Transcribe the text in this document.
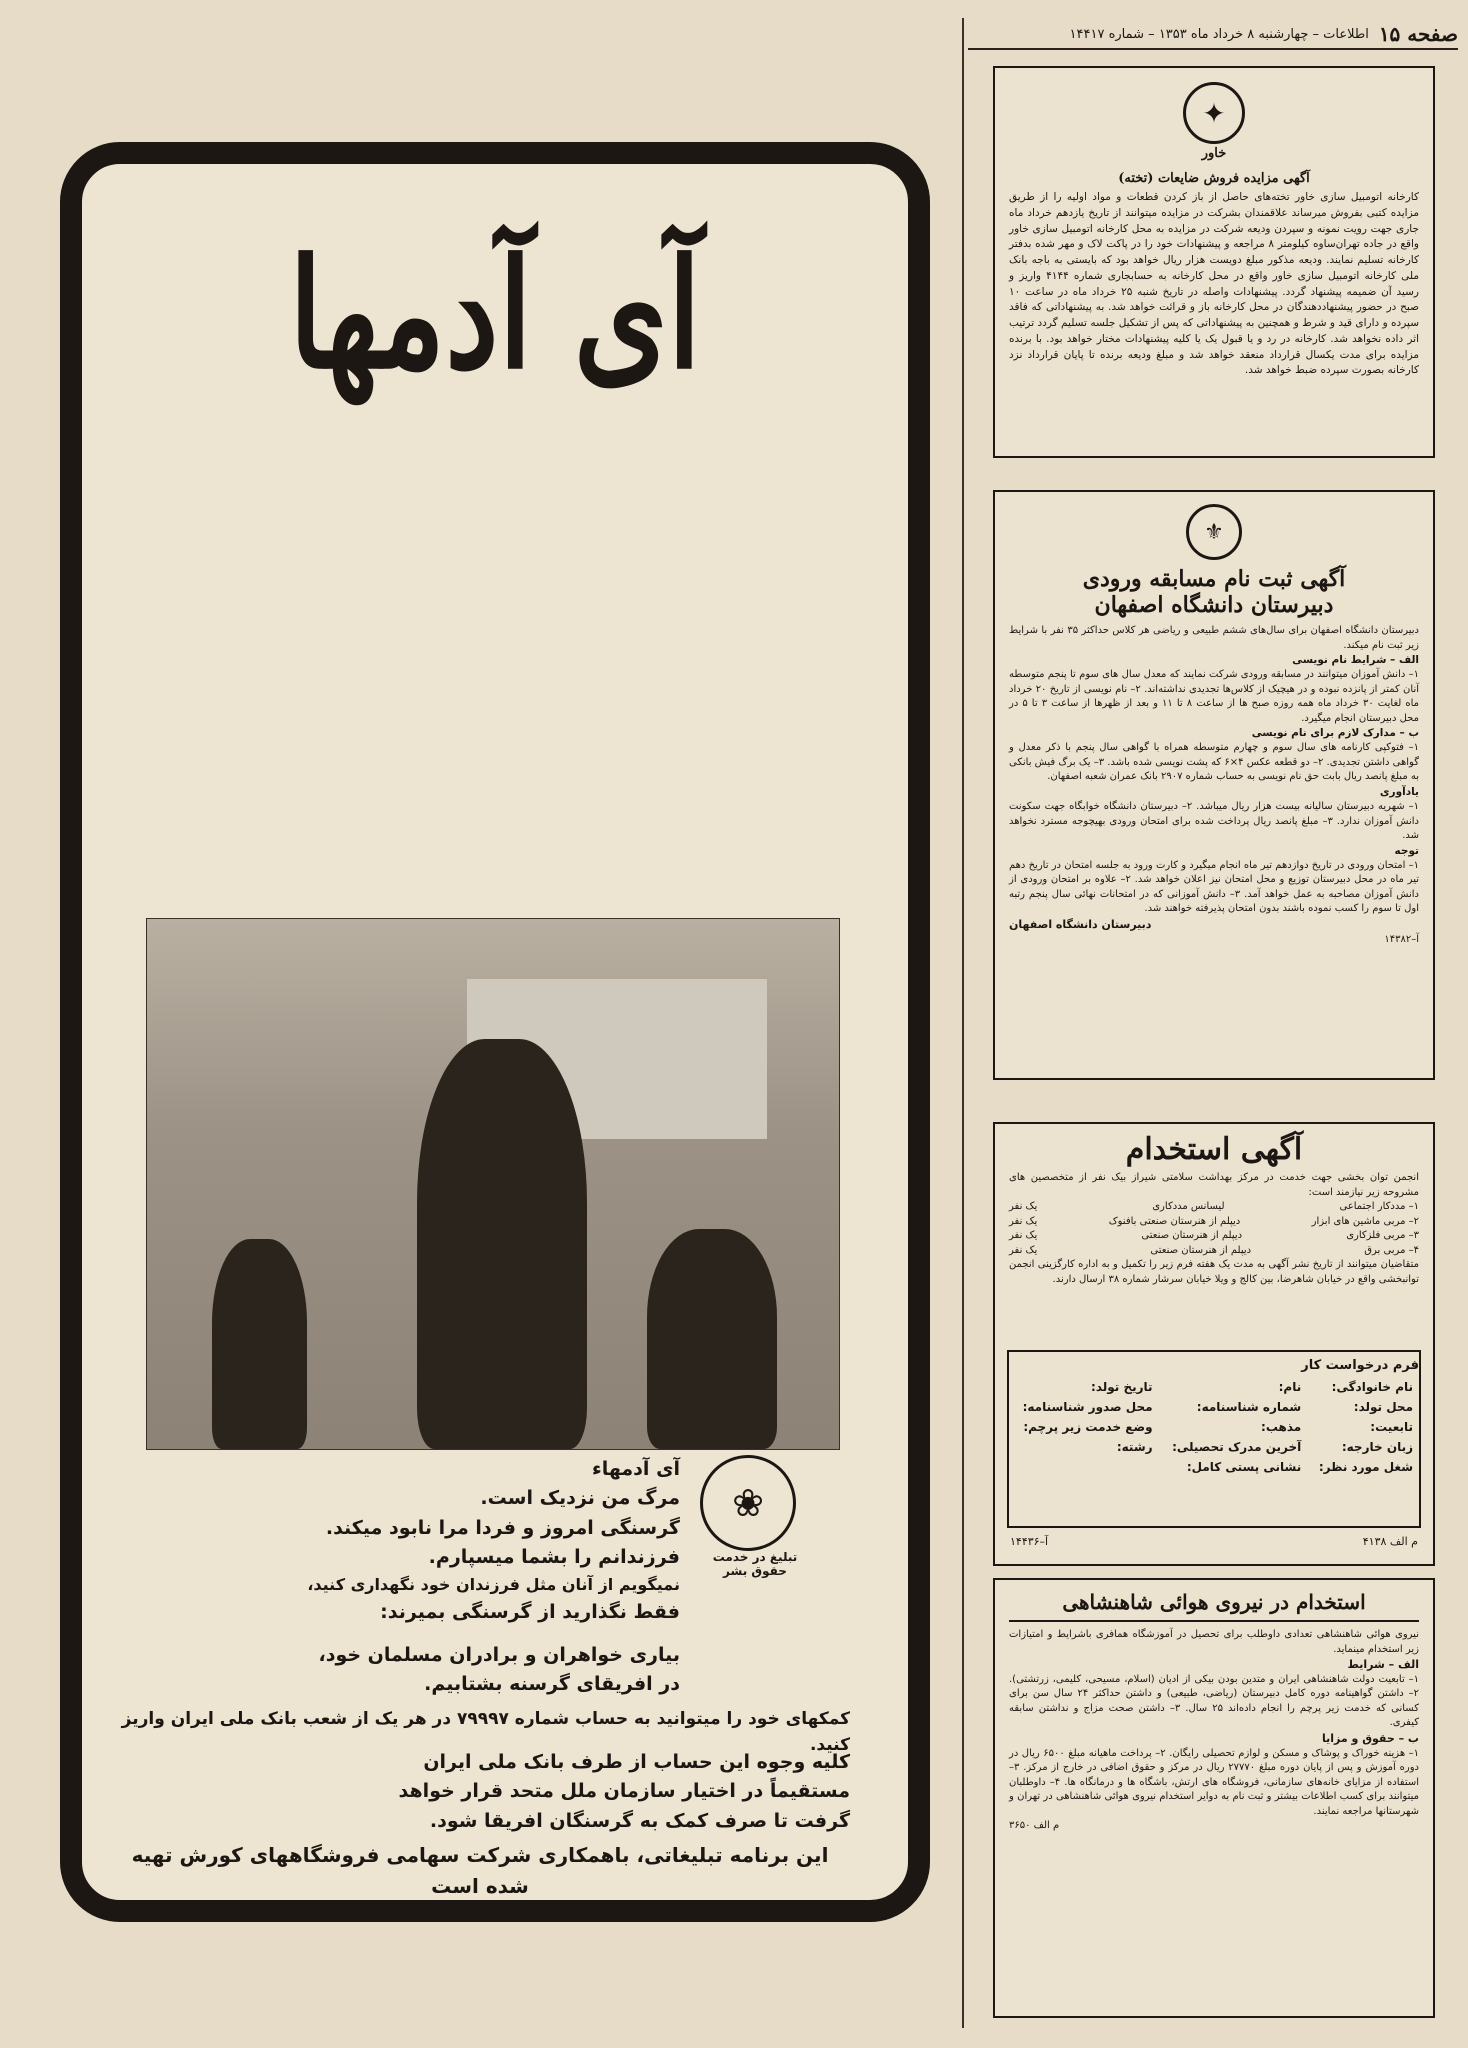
صفحه ۱۵
اطلاعات – چهارشنبه ۸ خرداد ماه ۱۳۵۳ – شماره ۱۴۴۱۷
آی آدمها
❀
تبلیغ در خدمت حقوق بشر
آی آدمهاء
مرگ من نزدیک است.
گرسنگی امروز و فردا مرا نابود میکند.
فرزندانم را بشما میسپارم.
نمیگویم از آنان مثل فرزندان خود نگهداری کنید،
فقط نگذارید از گرسنگی بمیرند:
بیاری خواهران و برادران مسلمان خود،
در افریقای گرسنه بشتابیم.
کمکهای خود را میتوانید به حساب شماره ۷۹۹۹۷ در هر یک از شعب بانک ملی ایران واریز کنید.
کلیه وجوه این حساب از طرف بانک ملی ایران
مستقیماً در اختیار سازمان ملل متحد قرار خواهد
گرفت تا صرف کمک به گرسنگان افریقا شود.
این برنامه تبلیغاتی، باهمکاری شرکت سهامی فروشگاههای کورش تهیه شده است
✦
خاور
آگهی مزایده فروش ضایعات (تخته)
کارخانه اتومبیل سازی خاور تخته‌های حاصل از باز کردن قطعات و مواد اولیه را از طریق مزایده کتبی بفروش میرساند علاقمندان بشرکت در مزایده میتوانند از تاریخ یازدهم خرداد ماه جاری جهت رویت نمونه و سپردن ودیعه شرکت در مزایده به محل کارخانه اتومبیل سازی خاور واقع در جاده تهران‌ساوه کیلومتر ۸ مراجعه و پیشنهادات خود را در پاکت لاک و مهر شده بدفتر کارخانه تسلیم نمایند. ودیعه مذکور مبلغ دویست هزار ریال خواهد بود که بایستی به باجه بانک ملی کارخانه اتومبیل سازی خاور واقع در محل کارخانه به حسابجاری شماره ۴۱۴۴ واریز و رسید آن ضمیمه پیشنهاد گردد. پیشنهادات واصله در تاریخ شنبه ۲۵ خرداد ماه در ساعت ۱۰ صبح در حضور پیشنهاددهندگان در محل کارخانه باز و قرائت خواهد شد. به پیشنهاداتی که فاقد سپرده و دارای قید و شرط و همچنین به پیشنهاداتی که پس از تشکیل جلسه تسلیم گردد ترتیب اثر داده نخواهد شد. کارخانه در رد و یا قبول یک یا کلیه پیشنهادات مختار خواهد بود. با برنده مزایده برای مدت یکسال قرارداد منعقد خواهد شد و مبلغ ودیعه برنده تا پایان قرارداد نزد کارخانه بصورت سپرده ضبط خواهد شد.
⚜
آگهی ثبت نام مسابقه ورودی
دبیرستان دانشگاه اصفهان
دبیرستان دانشگاه اصفهان برای سال‌های ششم طبیعی و ریاضی هر کلاس حداکثر ۳۵ نفر با شرایط زیر ثبت نام میکند.
الف – شرایط نام نویسی
۱– دانش آموزان میتوانند در مسابقه ورودی شرکت نمایند که معدل سال های سوم تا پنجم متوسطه آنان کمتر از پانزده نبوده و در هیچیک از کلاس‌ها تجدیدی نداشته‌اند. ۲– نام نویسی از تاریخ ۲۰ خرداد ماه لغایت ۳۰ خرداد ماه همه روزه صبح ها از ساعت ۸ تا ۱۱ و بعد از ظهرها از ساعت ۳ تا ۵ در محل دبیرستان انجام میگیرد.
ب – مدارک لازم برای نام نویسی
۱– فتوکپی کارنامه های سال سوم و چهارم متوسطه همراه با گواهی سال پنجم با ذکر معدل و گواهی داشتن تجدیدی. ۲– دو قطعه عکس ۴×۶ که پشت نویسی شده باشد. ۳– یک برگ فیش بانکی به مبلغ پانصد ریال بابت حق نام نویسی به حساب شماره ۲۹۰۷ بانک عمران شعبه اصفهان.
یادآوری
۱– شهریه دبیرستان سالیانه بیست هزار ریال میباشد. ۲– دبیرستان دانشگاه خوابگاه جهت سکونت دانش آموزان ندارد. ۳– مبلغ پانصد ریال پرداخت شده برای امتحان ورودی بهیچوجه مسترد نخواهد شد.
توجه
۱– امتحان ورودی در تاریخ دوازدهم تیر ماه انجام میگیرد و کارت ورود به جلسه امتحان در تاریخ دهم تیر ماه در محل دبیرستان توزیع و محل امتحان نیز اعلان خواهد شد. ۲– علاوه بر امتحان ورودی از دانش آموزان مصاحبه به عمل خواهد آمد. ۳– دانش آموزانی که در امتحانات نهائی سال پنجم رتبه اول تا سوم را کسب نموده باشند بدون امتحان پذیرفته خواهند شد.
دبیرستان دانشگاه اصفهان
آ–۱۴۳۸۲
آگهی استخدام
انجمن توان بخشی جهت خدمت در مرکز بهداشت سلامتی شیراز بیک نفر از متخصصین های مشروحه زیر نیازمند است:
۱– مددکار اجتماعی
لیسانس مددکاری
یک نفر
۲– مربی ماشین های ابزار
دیپلم از هنرستان صنعتی بافنوک
یک نفر
۳– مربی فلزکاری
دیپلم از هنرستان صنعتی
یک نفر
۴– مربی برق
دیپلم از هنرستان صنعتی
یک نفر
متقاضیان میتوانند از تاریخ نشر آگهی به مدت یک هفته فرم زیر را تکمیل و به اداره کارگزینی انجمن توانبخشی واقع در خیابان شاهرضا، بین کالج و ویلا خیابان سرشار شماره ۳۸ ارسال دارند.
فرم درخواست کار
نام خانوادگی:	نام:	تاریخ تولد:
محل تولد:	شماره شناسنامه:	محل صدور شناسنامه:
تابعیت:	مذهب:	وضع خدمت زیر پرچم:
زبان خارجه:	آخرین مدرک تحصیلی:	رشته:
شغل مورد نظر:	نشانی پستی کامل:	
م الف ۴۱۳۸
آ–۱۴۴۳۶
استخدام در نیروی هوائی شاهنشاهی
نیروی هوائی شاهنشاهی تعدادی داوطلب برای تحصیل در آموزشگاه همافری باشرایط و امتیازات زیر استخدام مینماید.
الف – شرایط
۱– تابعیت دولت شاهنشاهی ایران و متدین بودن بیکی از ادیان (اسلام، مسیحی، کلیمی، زرتشتی). ۲– داشتن گواهینامه دوره کامل دبیرستان (ریاضی، طبیعی) و داشتن حداکثر ۲۴ سال سن برای کسانی که خدمت زیر پرچم را انجام داده‌اند ۲۵ سال. ۳– داشتن صحت مزاج و نداشتن سابقه کیفری.
ب – حقوق و مزایا
۱– هزینه خوراک و پوشاک و مسکن و لوازم تحصیلی رایگان. ۲– پرداخت ماهیانه مبلغ ۶۵۰۰ ریال در دوره آموزش و پس از پایان دوره مبلغ ۲۷۷۷۰ ریال در مرکز و حقوق اضافی در خارج از مرکز. ۳– استفاده از مزایای خانه‌های سازمانی، فروشگاه های ارتش، باشگاه ها و درمانگاه ها. ۴– داوطلبان میتوانند برای کسب اطلاعات بیشتر و ثبت نام به دوایر استخدام نیروی هوائی شاهنشاهی در تهران و شهرستانها مراجعه نمایند.
م الف ۳۶۵۰
